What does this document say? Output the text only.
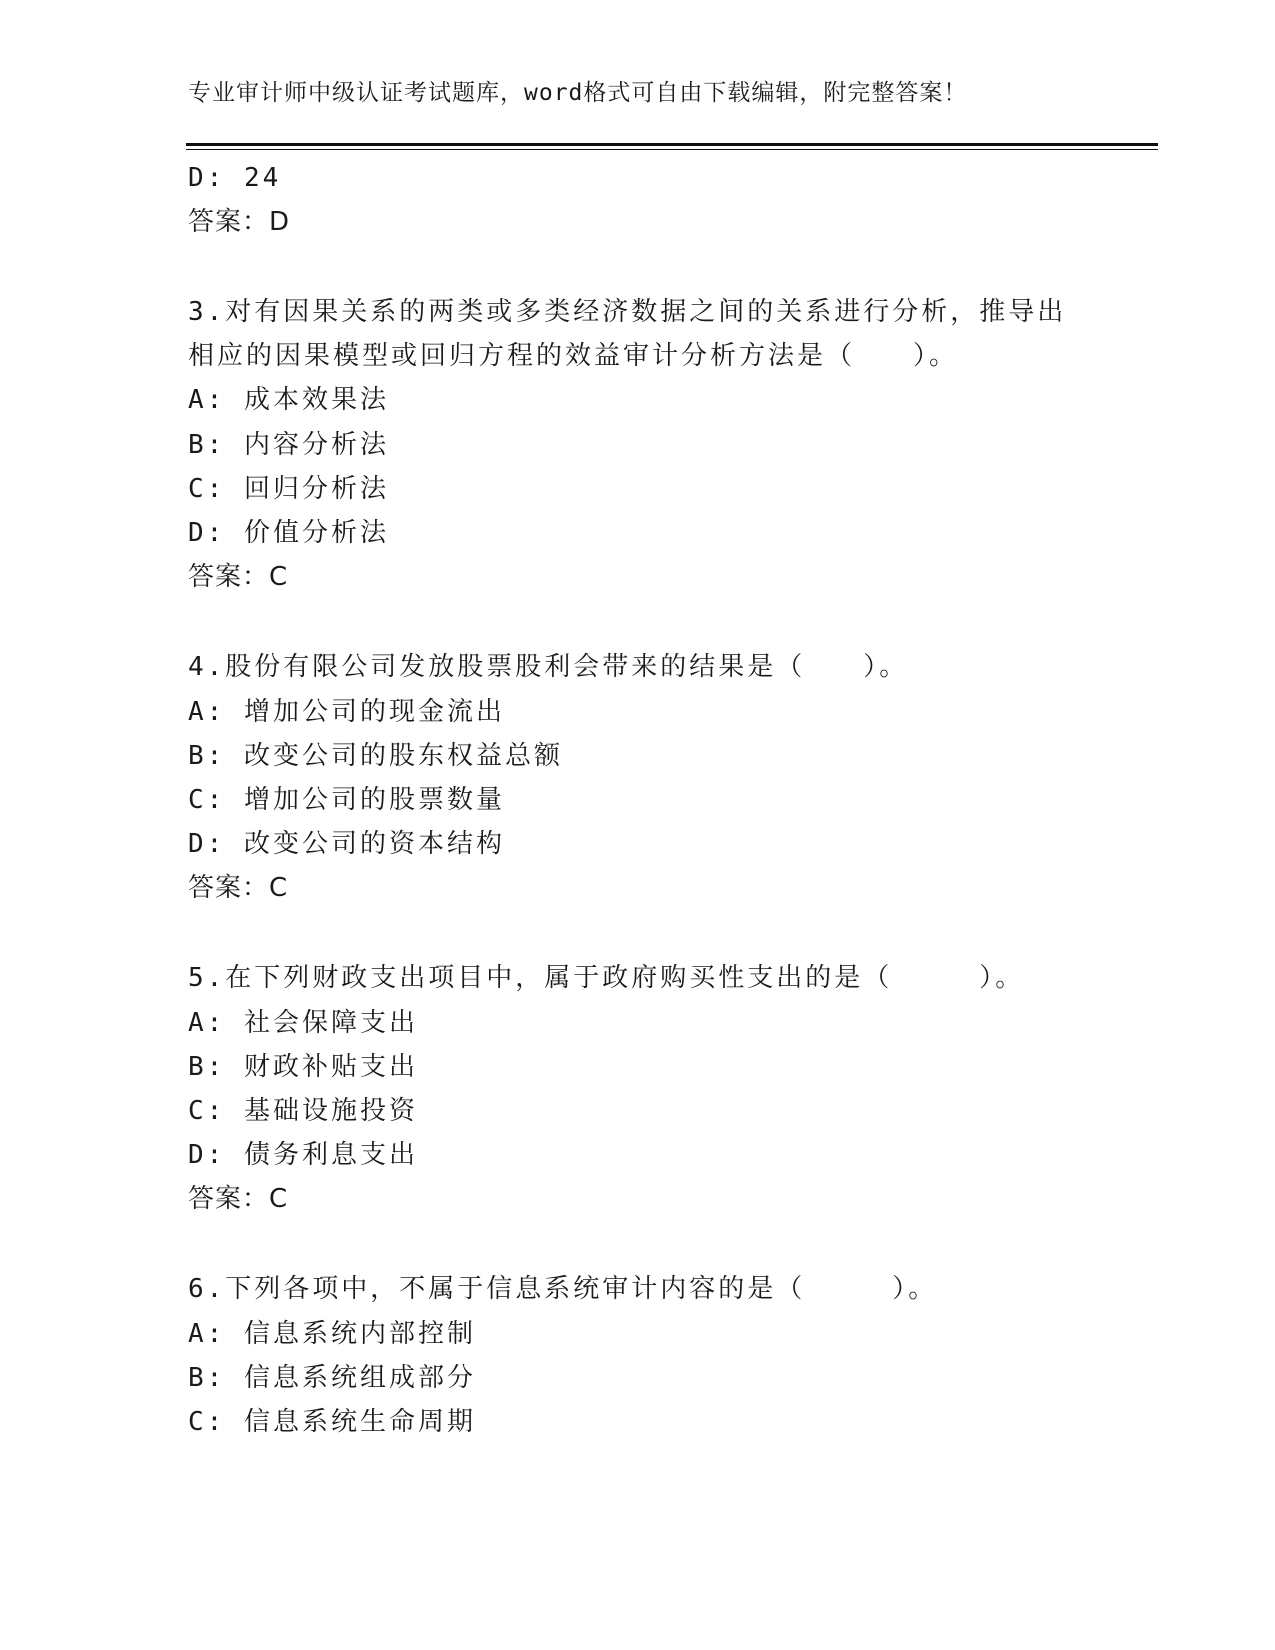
专业审计师中级认证考试题库，word格式可自由下载编辑，附完整答案！
D: 24
答案：D
3.对有因果关系的两类或多类经济数据之间的关系进行分析，推导出
相应的因果模型或回归方程的效益审计分析方法是（　　）。
A: 成本效果法
B: 内容分析法
C: 回归分析法
D: 价值分析法
答案：C
4.股份有限公司发放股票股利会带来的结果是（　　）。
A: 增加公司的现金流出
B: 改变公司的股东权益总额
C: 增加公司的股票数量
D: 改变公司的资本结构
答案：C
5.在下列财政支出项目中，属于政府购买性支出的是（　　　）。
A: 社会保障支出
B: 财政补贴支出
C: 基础设施投资
D: 债务利息支出
答案：C
6.下列各项中，不属于信息系统审计内容的是（　　　）。
A: 信息系统内部控制
B: 信息系统组成部分
C: 信息系统生命周期
